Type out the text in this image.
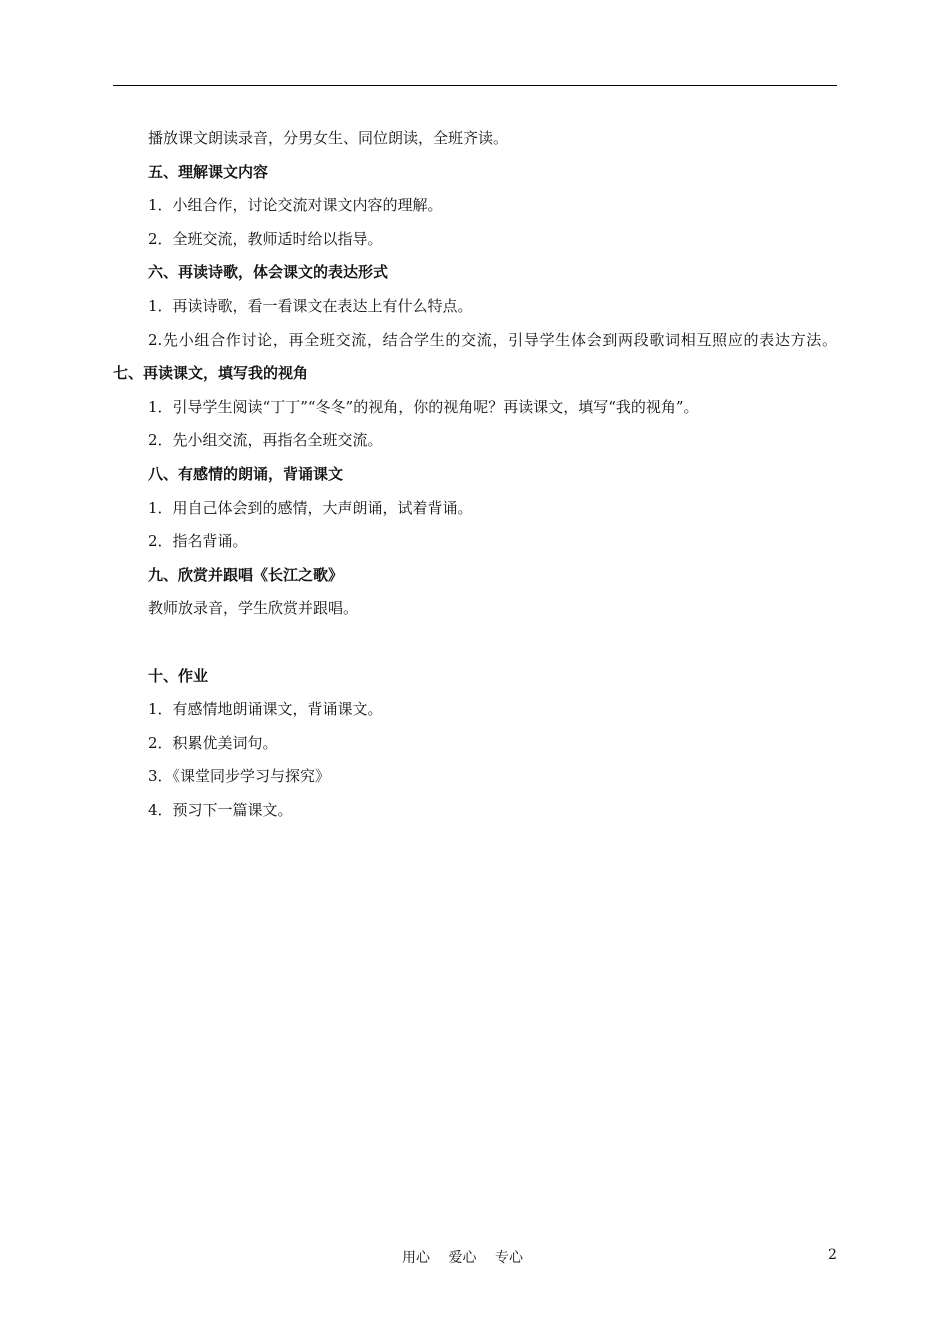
播放课文朗读录音，分男女生、同位朗读，全班齐读。

五、理解课文内容

1．小组合作，讨论交流对课文内容的理解。

2．全班交流，教师适时给以指导。

六、再读诗歌，体会课文的表达形式

1．再读诗歌，看一看课文在表达上有什么特点。

2.先小组合作讨论，再全班交流，结合学生的交流，引导学生体会到两段歌词相互照应的表达方法。七、再读课文，填写我的视角

1．引导学生阅读“丁丁”“冬冬”的视角，你的视角呢？再读课文，填写“我的视角”。

2．先小组交流，再指名全班交流。

八、有感情的朗诵，背诵课文

1．用自己体会到的感情，大声朗诵，试着背诵。

2．指名背诵。

九、欣赏并跟唱《长江之歌》

教师放录音，学生欣赏并跟唱。

十、作业

1．有感情地朗诵课文，背诵课文。

2．积累优美词句。

3．《课堂同步学习与探究》

4．预习下一篇课文。

用心 爱心 专心	2
